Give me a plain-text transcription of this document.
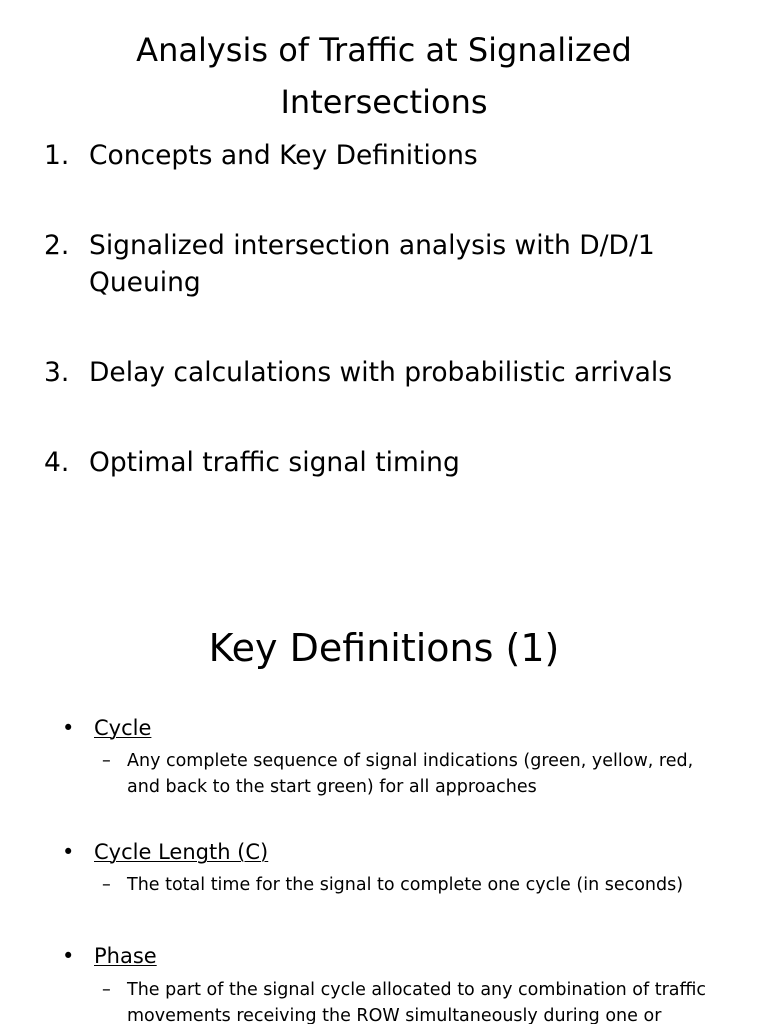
Analysis of Traffic at Signalized
Intersections
1. Concepts and Key Definitions
2. Signalized intersection analysis with D/D/1 Queuing
3. Delay calculations with probabilistic arrivals
4. Optimal traffic signal timing
Key Definitions (1)
• Cycle
– Any complete sequence of signal indications (green, yellow, red, and back to the start green) for all approaches
• Cycle Length (C)
– The total time for the signal to complete one cycle (in seconds)
• Phase
– The part of the signal cycle allocated to any combination of traffic movements receiving the ROW simultaneously during one or
